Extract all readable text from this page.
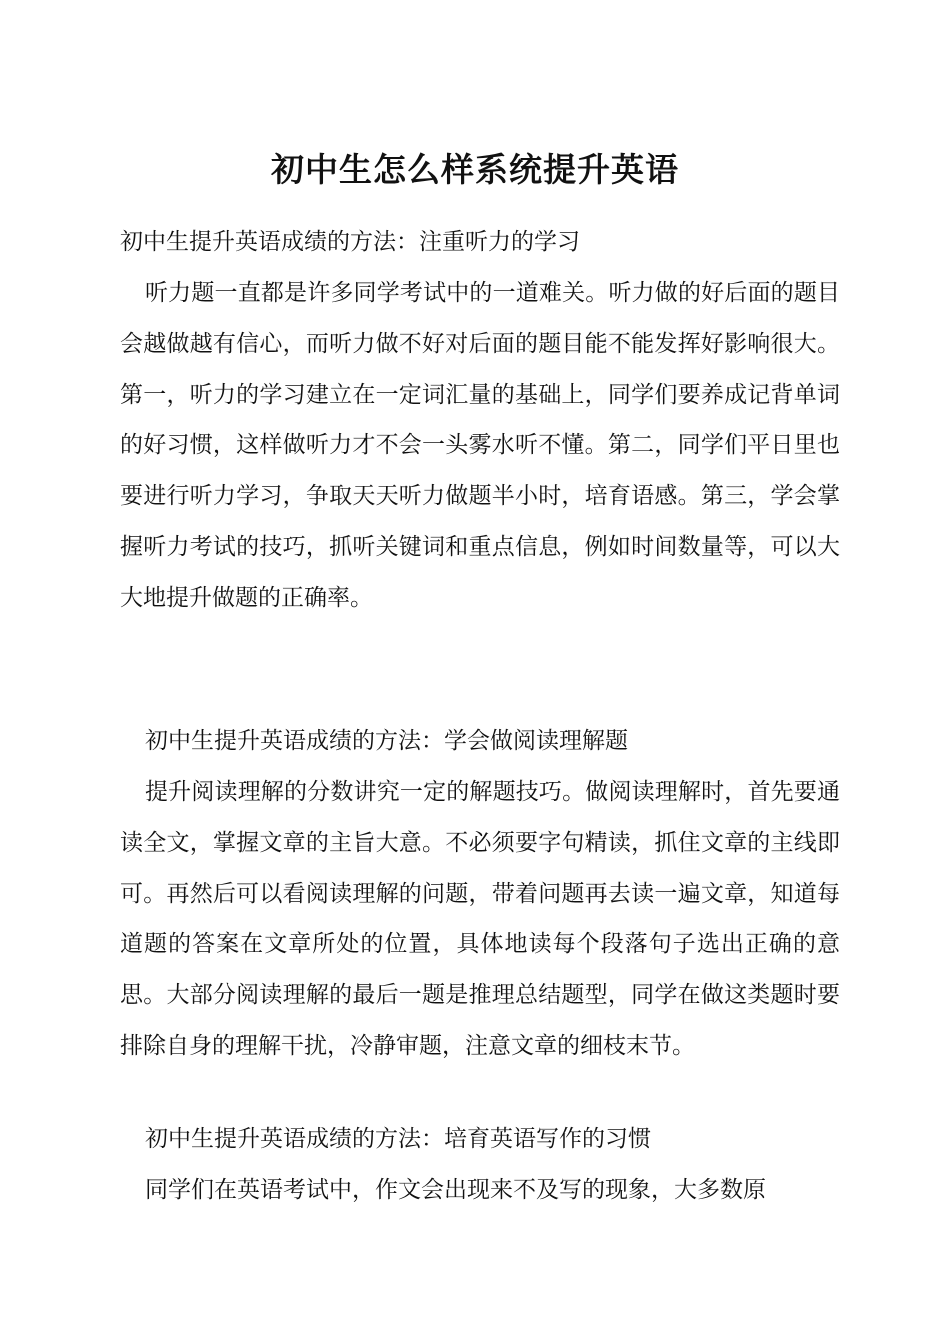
初中生怎么样系统提升英语
初中生提升英语成绩的方法：注重听力的学习
听力题一直都是许多同学考试中的一道难关。听力做的好后面的题目会越做越有信心，而听力做不好对后面的题目能不能发挥好影响很大。第一，听力的学习建立在一定词汇量的基础上，同学们要养成记背单词的好习惯，这样做听力才不会一头雾水听不懂。第二，同学们平日里也要进行听力学习，争取天天听力做题半小时，培育语感。第三，学会掌握听力考试的技巧，抓听关键词和重点信息，例如时间数量等，可以大大地提升做题的正确率。
初中生提升英语成绩的方法：学会做阅读理解题
提升阅读理解的分数讲究一定的解题技巧。做阅读理解时，首先要通读全文，掌握文章的主旨大意。不必须要字句精读，抓住文章的主线即可。再然后可以看阅读理解的问题，带着问题再去读一遍文章，知道每道题的答案在文章所处的位置，具体地读每个段落句子选出正确的意思。大部分阅读理解的最后一题是推理总结题型，同学在做这类题时要排除自身的理解干扰，冷静审题，注意文章的细枝末节。
初中生提升英语成绩的方法：培育英语写作的习惯
同学们在英语考试中，作文会出现来不及写的现象，大多数原
